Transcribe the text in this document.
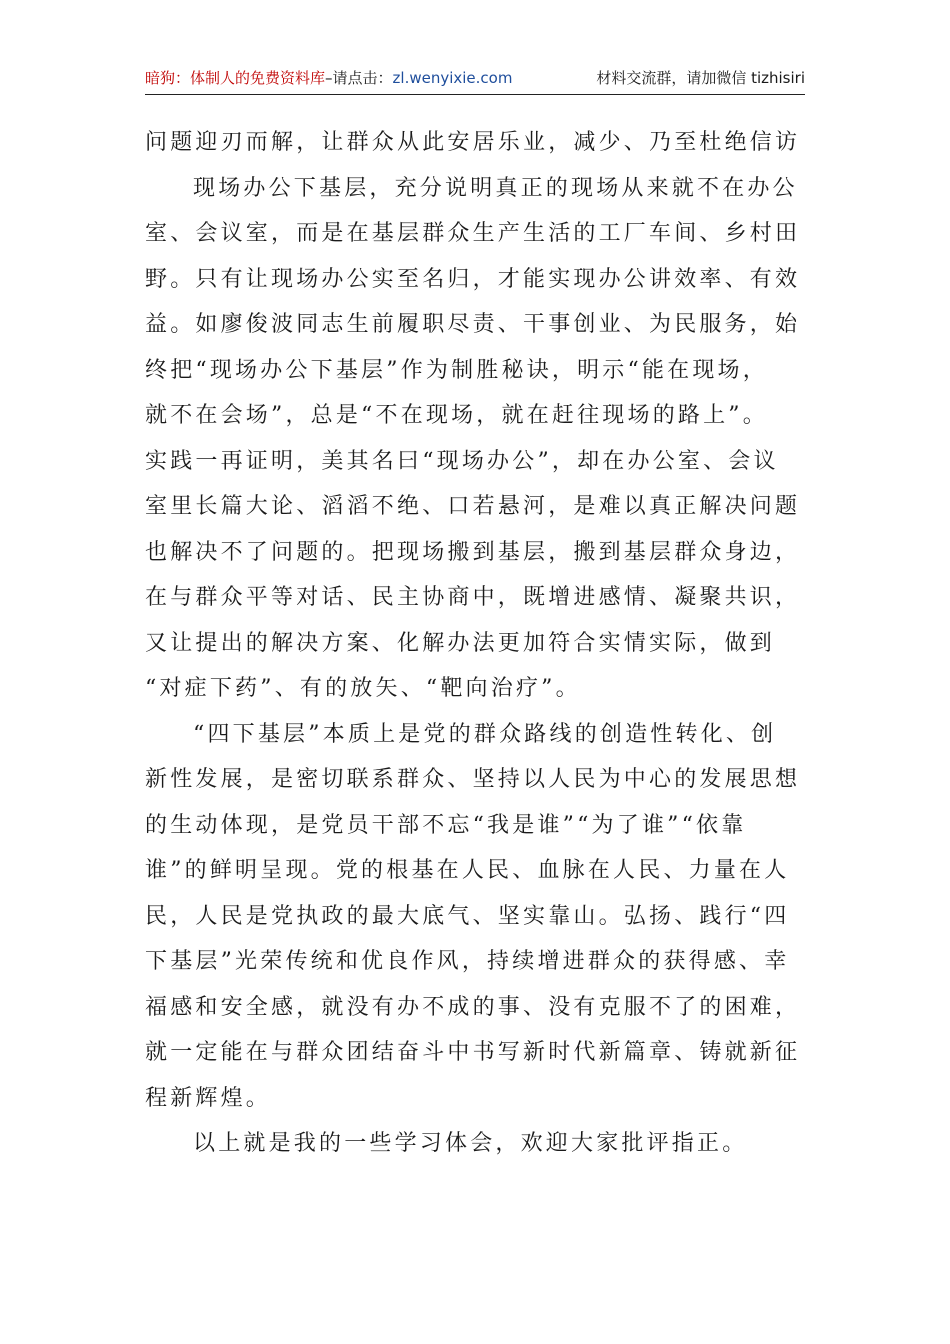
暗狗：体制人的免费资料库–请点击：zl.wenyixie.com	材料交流群，请加微信 tizhisiri
问题迎刃而解，让群众从此安居乐业，减少、乃至杜绝信访
现场办公下基层，充分说明真正的现场从来就不在办公
室、会议室，而是在基层群众生产生活的工厂车间、乡村田
野。只有让现场办公实至名归，才能实现办公讲效率、有效
益。如廖俊波同志生前履职尽责、干事创业、为民服务，始
终把“现场办公下基层”作为制胜秘诀，明示“能在现场，
就不在会场”，总是“不在现场，就在赶往现场的路上”。
实践一再证明，美其名曰“现场办公”，却在办公室、会议
室里长篇大论、滔滔不绝、口若悬河，是难以真正解决问题
也解决不了问题的。把现场搬到基层，搬到基层群众身边，
在与群众平等对话、民主协商中，既增进感情、凝聚共识，
又让提出的解决方案、化解办法更加符合实情实际，做到
“对症下药”、有的放矢、“靶向治疗”。
“四下基层”本质上是党的群众路线的创造性转化、创
新性发展，是密切联系群众、坚持以人民为中心的发展思想
的生动体现，是党员干部不忘“我是谁”“为了谁”“依靠
谁”的鲜明呈现。党的根基在人民、血脉在人民、力量在人
民，人民是党执政的最大底气、坚实靠山。弘扬、践行“四
下基层”光荣传统和优良作风，持续增进群众的获得感、幸
福感和安全感，就没有办不成的事、没有克服不了的困难，
就一定能在与群众团结奋斗中书写新时代新篇章、铸就新征
程新辉煌。
以上就是我的一些学习体会，欢迎大家批评指正。
